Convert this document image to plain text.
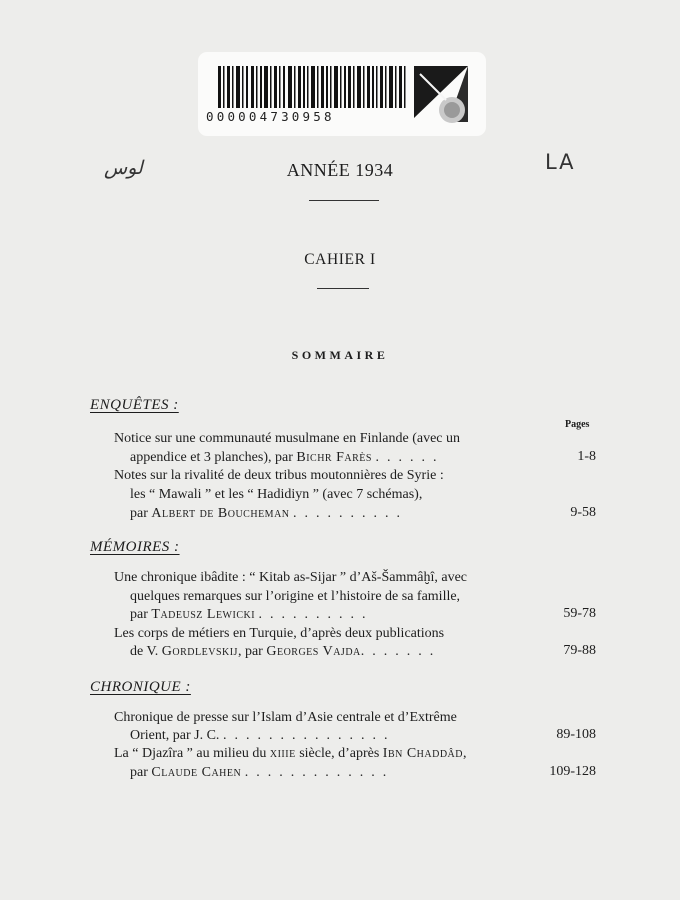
000004730958
لوس	LA
ANNÉE 1934
CAHIER I
SOMMAIRE
ENQUÊTES :
Pages
Notice sur une communauté musulmane en Finlande (avec un
appendice et 3 planches), par Bichr Farès ......	1-8
Notes sur la rivalité de deux tribus moutonnières de Syrie :
les “ Mawali ” et les “ Hadidiyn ” (avec 7 schémas),
par Albert de Boucheman ..........	9-58
MÉMOIRES :
Une chronique ibâdite : “ Kitab as-Sijar ” d’Aš-Šammâḫî, avec
quelques remarques sur l’origine et l’histoire de sa famille,
par Tadeusz Lewicki ..........	59-78
Les corps de métiers en Turquie, d’après deux publications
de V. Gordlevskij, par Georges Vajda.......	79-88
CHRONIQUE :
Chronique de presse sur l’Islam d’Asie centrale et d’Extrême
Orient, par J. C. ...............	89-108
La “ Djazîra ” au milieu du xiiie siècle, d’après Ibn Chaddâd,
par Claude Cahen .............	109-128
